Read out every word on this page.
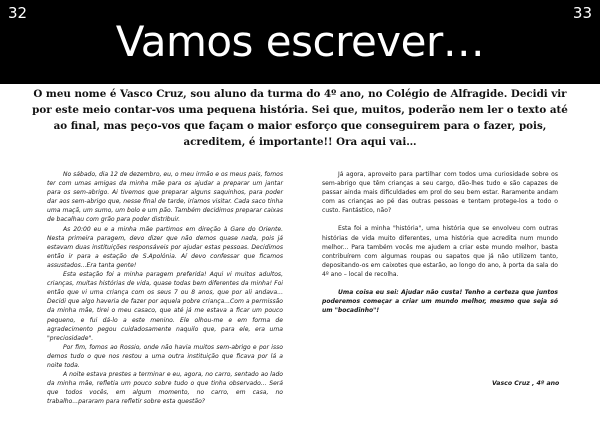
32
Vamos escrever…
33
O meu nome é Vasco Cruz, sou aluno da turma do 4º ano, no Colégio de Alfragide. Decidi vir por este meio contar-vos uma pequena história. Sei que, muitos, poderão nem ler o texto até ao final, mas peço-vos que façam o maior esforço que conseguirem para o fazer, pois, acreditem, é importante!! Ora aqui vai…

No sábado, dia 12 de dezembro, eu, o meu irmão e os meus pais, fomos ter com umas amigas da minha mãe para os ajudar a preparar um jantar para os sem-abrigo. Ai tivemos que preparar alguns saquinhos, para poder dar aos sem-abrigo que, nesse final de tarde, iríamos visitar. Cada saco tinha uma maçã, um sumo, um bolo e um pão. Também decidimos preparar caixas de bacalhau com grão para poder distribuir.

As 20:00 eu e a minha mãe partimos em direção à Gare do Oriente. Nesta primeira paragem, devo dizer que não demos quase nada, pois já estavam duas instituições responsáveis por ajudar estas pessoas. Decidimos então ir para a estação de S.Apolónia. Aí devo confessar que ficamos assustados...Era tanta gente!

Esta estação foi a minha paragem preferida! Aqui vi muitos adultos, crianças, muitas histórias de vida, quase todas bem diferentes da minha! Foi então que vi uma criança com os seus 7 ou 8 anos, que por ali andava... Decidi que algo haveria de fazer por aquela pobre criança...Com a permissão da minha mãe, tirei o meu casaco, que até já me estava a ficar um pouco pequeno, e fui dá-lo a este menino. Ele olhou-me e em forma de agradecimento pegou cuidadosamente naquilo que, para ele, era uma "preciosidade".

Por fim, fomos ao Rossio, onde não havia muitos sem-abrigo e por isso demos tudo o que nos restou a uma outra instituição que ficava por lá a noite toda.

A noite estava prestes a terminar e eu, agora, no carro, sentado ao lado da minha mãe, refletia um pouco sobre tudo o que tinha observado... Será que todos vocês, em algum momento, no carro, em casa, no trabalho...pararam para refletir sobre esta questão?

Já agora, aproveito para partilhar com todos uma curiosidade sobre os sem-abrigo que têm crianças a seu cargo, dão-lhes tudo e são capazes de passar ainda mais dificuldades em prol do seu bem estar. Raramente andam com as crianças ao pé das outras pessoas e tentam protege-los a todo o custo. Fantástico, não?

Esta foi a minha "história", uma história que se envolveu com outras histórias de vida muito diferentes, uma história que acredita num mundo melhor... Para também vocês me ajudem a criar este mundo melhor, basta contribuírem com algumas roupas ou sapatos que já não utilizem tanto, depositando-os em caixotes que estarão, ao longo do ano, à porta da sala do 4º ano – local de recolha.

Uma coisa eu sei: Ajudar não custa! Tenho a certeza que juntos poderemos começar a criar um mundo melhor, mesmo que seja só um "bocadinho"!

Vasco Cruz , 4º ano
